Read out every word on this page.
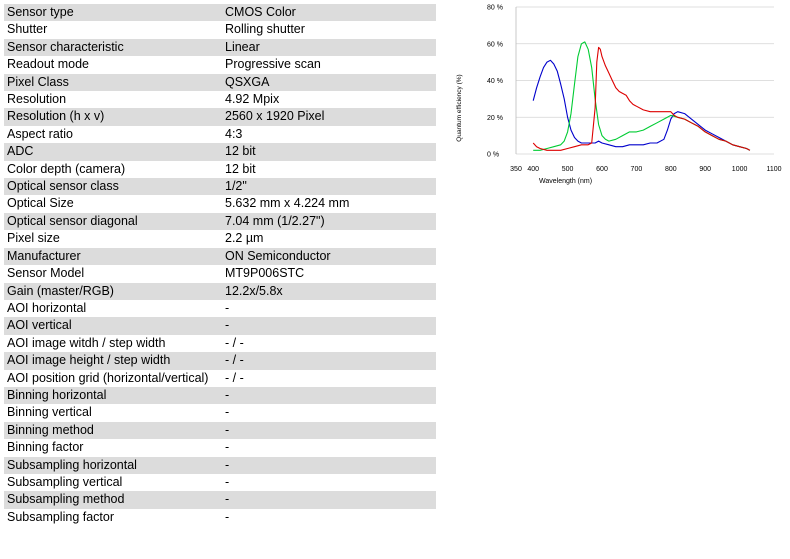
Sensor type	CMOS Color
Shutter	Rolling shutter
Sensor characteristic	Linear
Readout mode	Progressive scan
Pixel Class	QSXGA
Resolution	4.92 Mpix
Resolution (h x v)	2560 x 1920 Pixel
Aspect ratio	4:3
ADC	12 bit
Color depth (camera)	12 bit
Optical sensor class	1/2"
Optical Size	5.632 mm x 4.224 mm
Optical sensor diagonal	7.04 mm (1/2.27")
Pixel size	2.2 µm
Manufacturer	ON Semiconductor
Sensor Model	MT9P006STC
Gain (master/RGB)	12.2x/5.8x
AOI horizontal	-
AOI vertical	-
AOI image witdh / step width	- / -
AOI image height / step width	- / -
AOI position grid (horizontal/vertical)	- / -
Binning horizontal	-
Binning vertical	-
Binning method	-
Binning factor	-
Subsampling horizontal	-
Subsampling vertical	-
Subsampling method	-
Subsampling factor	-
0 %
20 %
40 %
60 %
80 %
350 400	500	600	700	800	900	1000	1100
Wavelength (nm)
Quantum efficiency (%)
